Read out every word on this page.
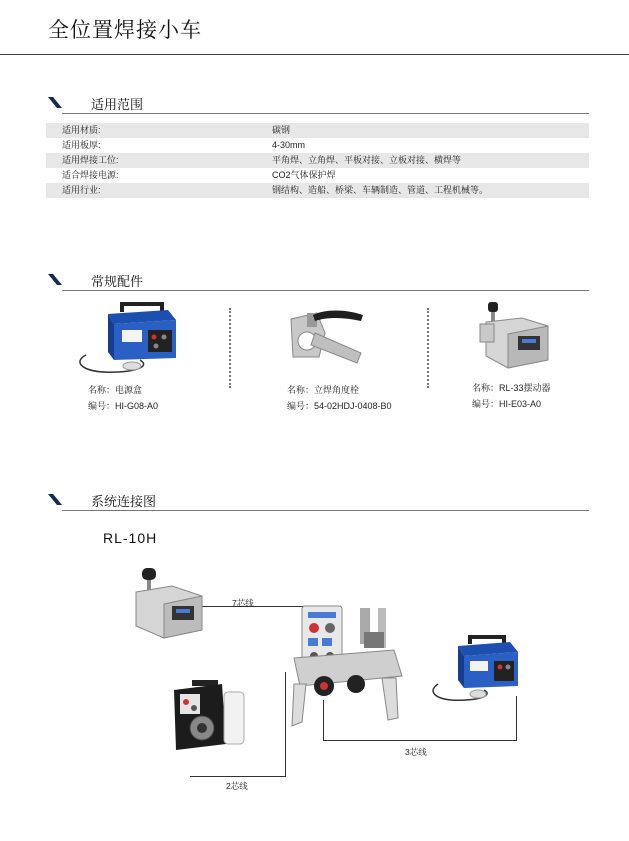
全位置焊接小车
适用范围
适用材质:	碳钢
适用板厚:	4-30mm
适用焊接工位:	平角焊、立角焊、平板对接、立板对接、横焊等
适合焊接电源:	CO2气体保护焊
适用行业:	钢结构、造船、桥梁、车辆制造、管道、工程机械等。
常规配件
名称：电源盒
编号：HI-G08-A0
名称：立焊角度栓
编号：54-02HDJ-0408-B0
名称：RL-33摆动器
编号：HI-E03-A0
系统连接图
RL-10H
7芯线
3芯线
2芯线
